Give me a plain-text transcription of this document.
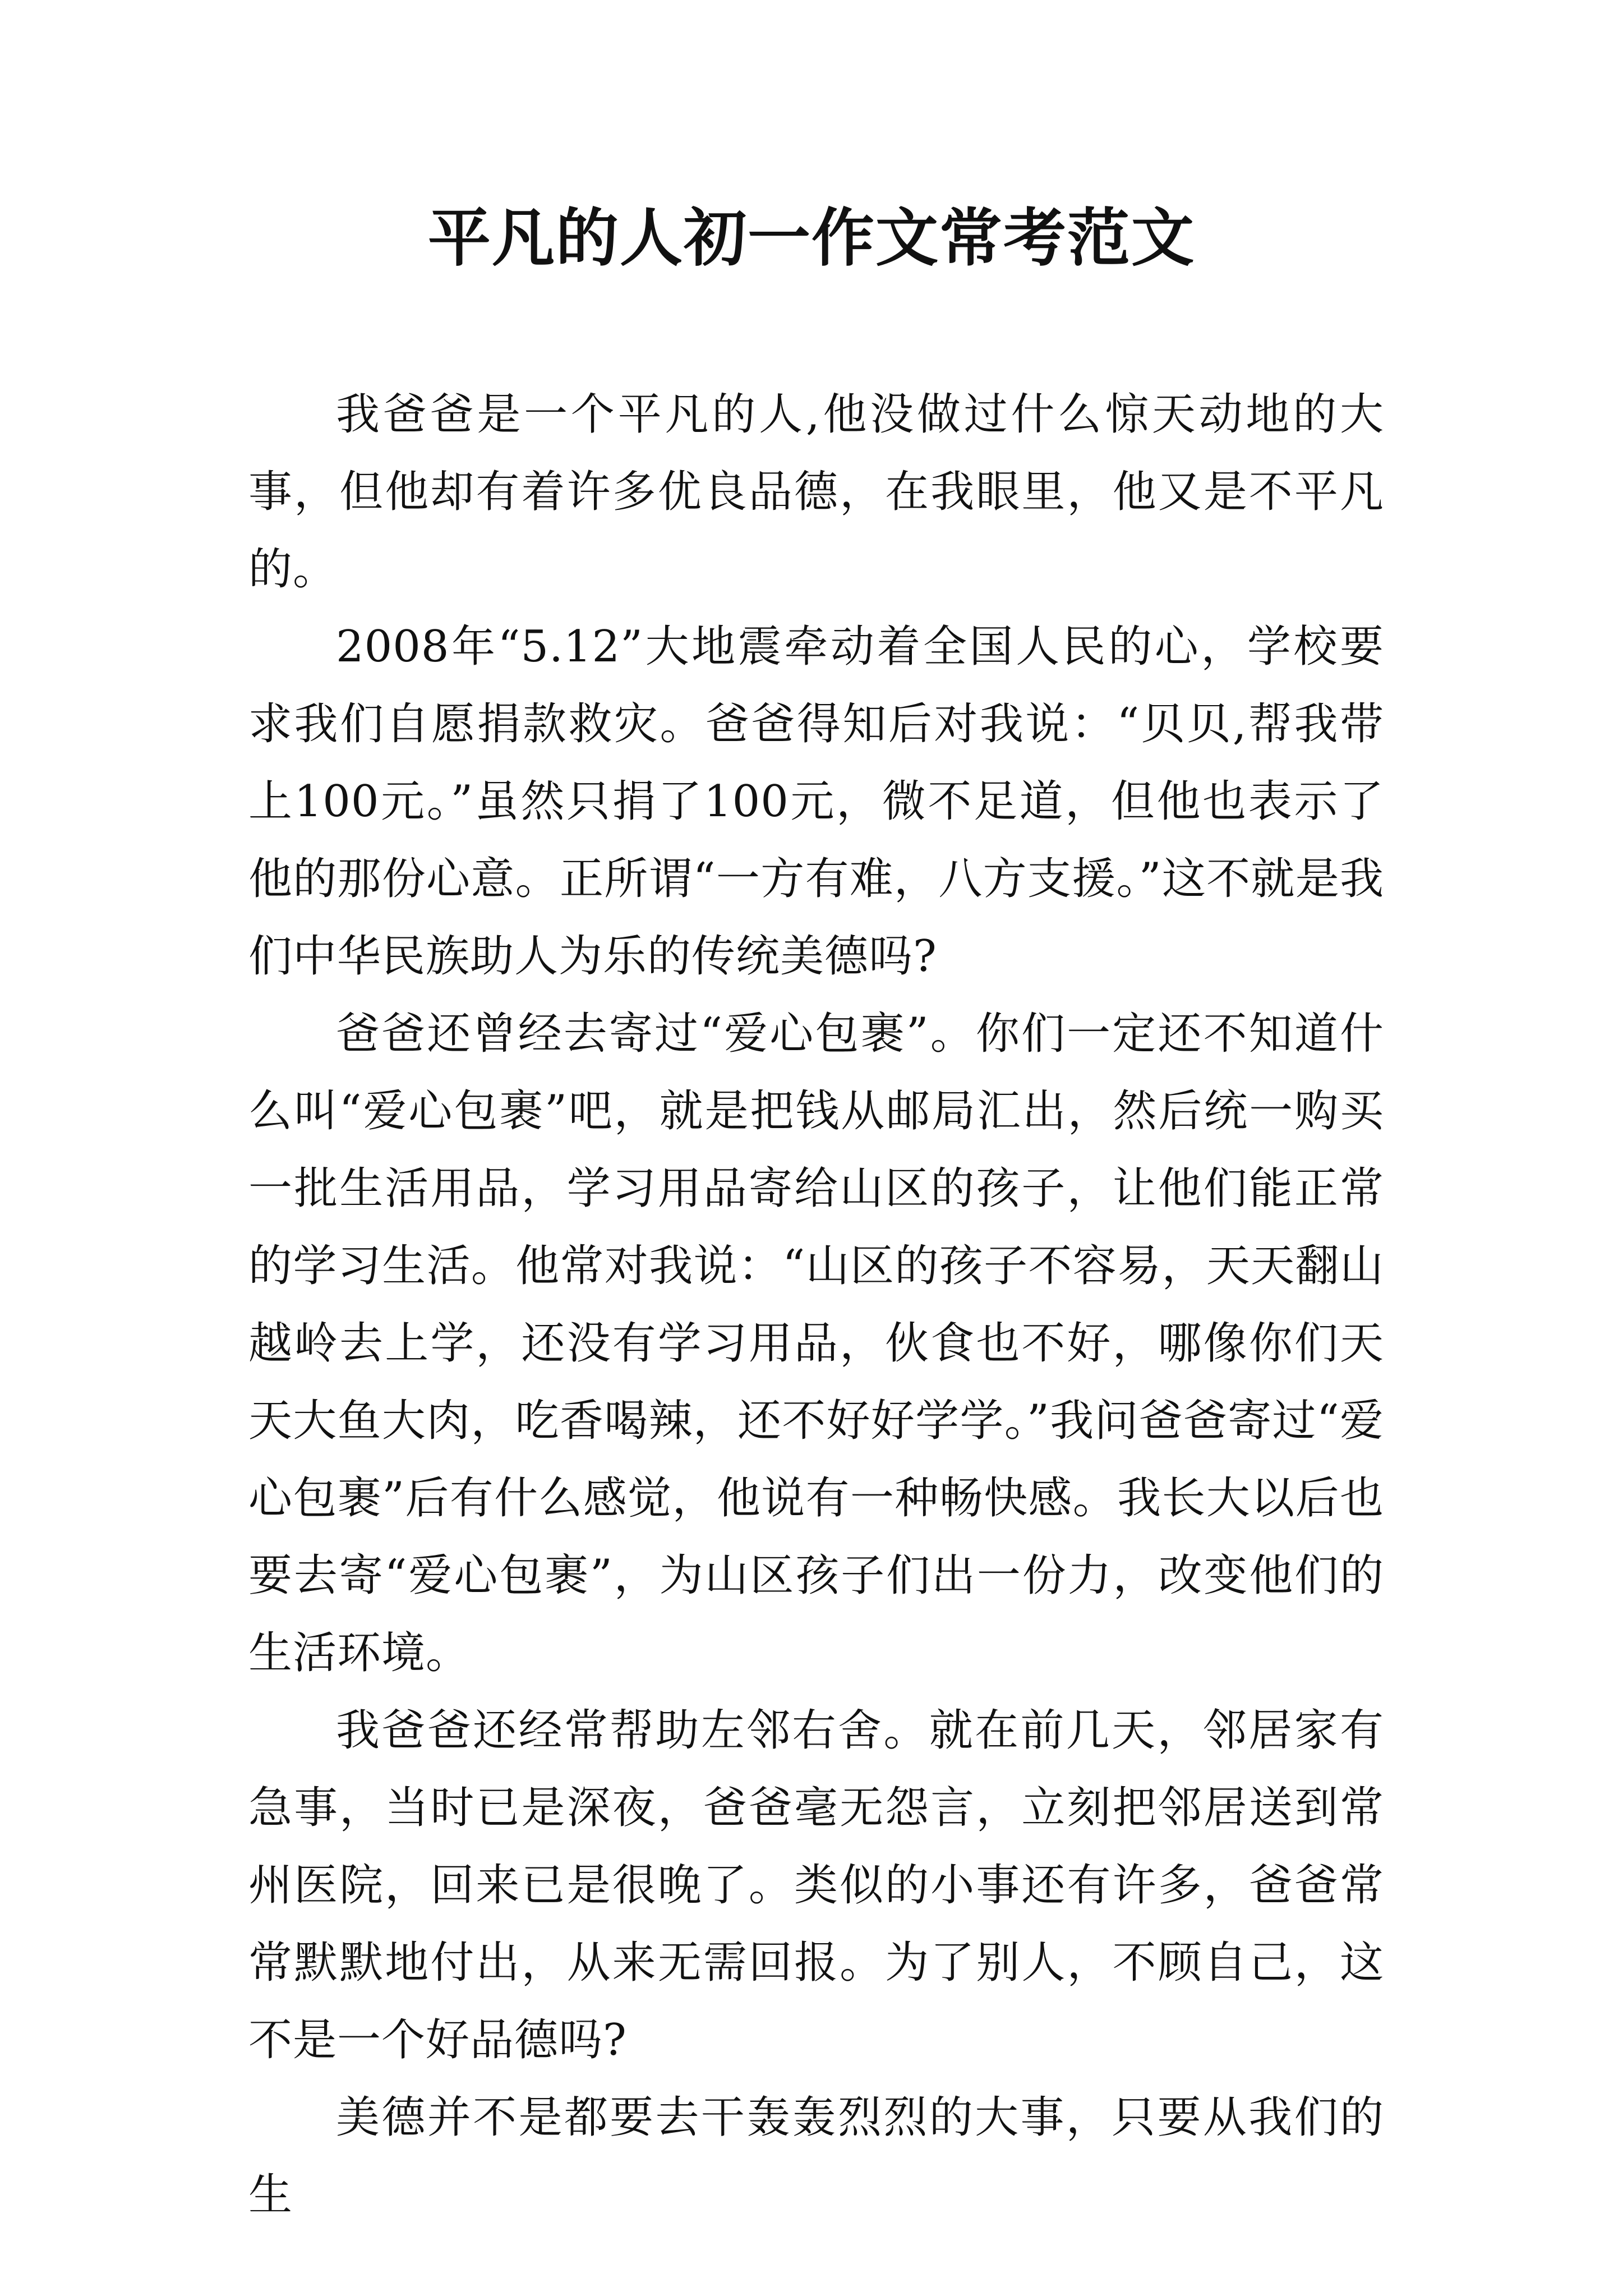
平凡的人初一作文常考范文

我爸爸是一个平凡的人,他没做过什么惊天动地的大事，但他却有着许多优良品德，在我眼里，他又是不平凡的。

2008年“5.12”大地震牵动着全国人民的心，学校要求我们自愿捐款救灾。爸爸得知后对我说：“贝贝,帮我带上100元。”虽然只捐了100元，微不足道，但他也表示了他的那份心意。正所谓“一方有难，八方支援。”这不就是我们中华民族助人为乐的传统美德吗?

爸爸还曾经去寄过“爱心包裹”。你们一定还不知道什么叫“爱心包裹”吧，就是把钱从邮局汇出，然后统一购买一批生活用品，学习用品寄给山区的孩子，让他们能正常的学习生活。他常对我说：“山区的孩子不容易，天天翻山越岭去上学，还没有学习用品，伙食也不好，哪像你们天天大鱼大肉，吃香喝辣，还不好好学学。”我问爸爸寄过“爱心包裹”后有什么感觉，他说有一种畅快感。我长大以后也要去寄“爱心包裹”，为山区孩子们出一份力，改变他们的生活环境。

我爸爸还经常帮助左邻右舍。就在前几天，邻居家有急事，当时已是深夜，爸爸毫无怨言，立刻把邻居送到常州医院，回来已是很晚了。类似的小事还有许多，爸爸常常默默地付出，从来无需回报。为了别人，不顾自己，这不是一个好品德吗?

美德并不是都要去干轰轰烈烈的大事，只要从我们的生
